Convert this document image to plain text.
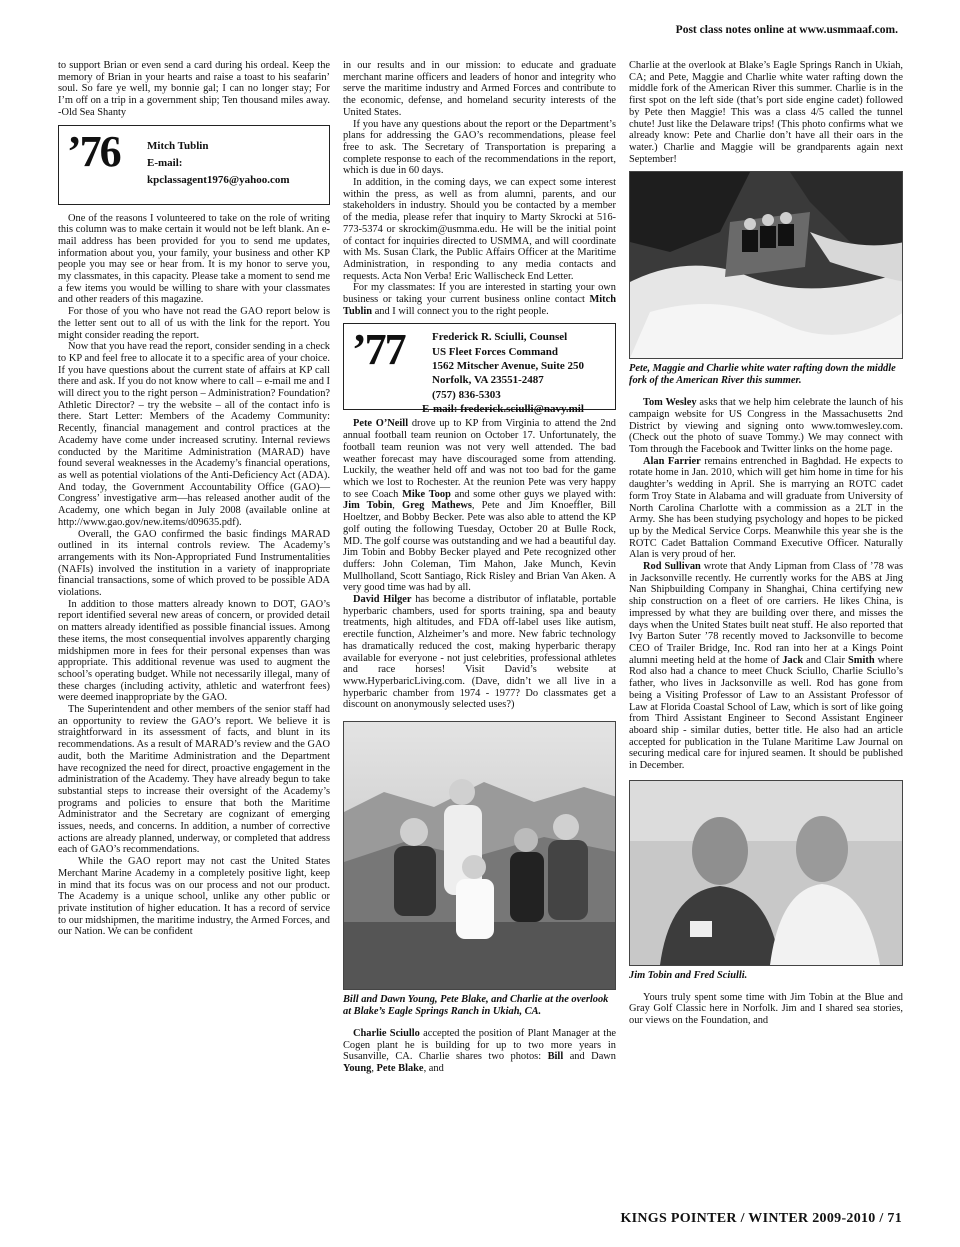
Post class notes online at www.usmmaaf.com.

to support Brian or even send a card during his ordeal. Keep the memory of Brian in your hearts and raise a toast to his seafarin’ soul. So fare ye well, my bonnie gal; I can no longer stay; For I’m off on a trip in a government ship; Ten thousand miles away. -Old Sea Shanty

’76 Mitch Tublin
E-mail:
kpclassagent1976@yahoo.com

One of the reasons I volunteered to take on the role of writing this column was to make certain it would not be left blank. An e-mail address has been provided for you to send me updates, information about you, your family, your business and other KP people you may see or hear from. It is my honor to serve you, my classmates, in this capacity. Please take a moment to send me a few items you would be willing to share with your classmates and other readers of this magazine.

For those of you who have not read the GAO report below is the letter sent out to all of us with the link for the report. You might consider reading the report.

Now that you have read the report, consider sending in a check to KP and feel free to allocate it to a specific area of your choice. If you have questions about the current state of affairs at KP call there and ask. If you do not know where to call – e-mail me and I will direct you to the right person – Administration? Foundation? Athletic Director? – try the website – all of the contact info is there. Start Letter: Members of the Academy Community: Recently, financial management and control practices at the Academy have come under increased scrutiny. Internal reviews conducted by the Maritime Administration (MARAD) have found several weaknesses in the Academy’s financial operations, as well as potential violations of the Anti-Deficiency Act (ADA). And today, the Government Accountability Office (GAO)—Congress’ investigative arm—has released another audit of the Academy, one which began in July 2008 (available online at http://www.gao.gov/new.items/d09635.pdf).

Overall, the GAO confirmed the basic findings MARAD outlined in its internal controls review. The Academy’s arrangements with its Non-Appropriated Fund Instrumentalities (NAFIs) involved the institution in a variety of inappropriate financial transactions, some of which proved to be possible ADA violations.

In addition to those matters already known to DOT, GAO’s report identified several new areas of concern, or provided detail on matters already identified as possible financial issues. Among these items, the most consequential involves apparently charging midshipmen more in fees for their personal expenses than was appropriate. This additional revenue was used to augment the school’s operating budget. While not necessarily illegal, many of these charges (including activity, athletic and waterfront fees) were deemed inappropriate by the GAO.

The Superintendent and other members of the senior staff had an opportunity to review the GAO’s report. We believe it is straightforward in its assessment of facts, and blunt in its recommendations. As a result of MARAD’s review and the GAO audit, both the Maritime Administration and the Department have recognized the need for direct, proactive engagement in the administration of the Academy. They have already begun to take substantial steps to increase their oversight of the Academy’s programs and policies to ensure that both the Maritime Administrator and the Secretary are cognizant of emerging issues, needs, and concerns. In addition, a number of corrective actions are already planned, underway, or completed that address each of GAO’s recommendations.

While the GAO report may not cast the United States Merchant Marine Academy in a completely positive light, keep in mind that its focus was on our process and not our product. The Academy is a unique school, unlike any other public or private institution of higher education. It has a record of service to our midshipmen, the maritime industry, the Armed Forces, and our Nation. We can be confident

in our results and in our mission: to educate and graduate merchant marine officers and leaders of honor and integrity who serve the maritime industry and Armed Forces and contribute to the economic, defense, and homeland security interests of the United States.

If you have any questions about the report or the Department’s plans for addressing the GAO’s recommendations, please feel free to ask. The Secretary of Transportation is preparing a complete response to each of the recommendations in the report, which is due in 60 days.

In addition, in the coming days, we can expect some interest within the press, as well as from alumni, parents, and our stakeholders in industry. Should you be contacted by a member of the media, please refer that inquiry to Marty Skrocki at 516-773-5374 or skrockim@usmma.edu. He will be the initial point of contact for inquiries directed to USMMA, and will coordinate with Ms. Susan Clark, the Public Affairs Officer at the Maritime Administration, in responding to any media contacts and requests. Acta Non Verba! Eric Wallischeck End Letter.

For my classmates: If you are interested in starting your own business or taking your current business online contact Mitch Tublin and I will connect you to the right people.

’77 Frederick R. Sciulli, Counsel
US Fleet Forces Command
1562 Mitscher Avenue, Suite 250
Norfolk, VA 23551-2487
(757) 836-5303
E-mail: frederick.sciulli@navy.mil

Pete O’Neill drove up to KP from Virginia to attend the 2nd annual football team reunion on October 17. Unfortunately, the football team reunion was not very well attended. The bad weather forecast may have discouraged some from attending. Luckily, the weather held off and was not too bad for the game which we lost to Rochester. At the reunion Pete was very happy to see Coach Mike Toop and some other guys we played with: Jim Tobin, Greg Mathews, Pete and Jim Knoeffler, Bill Hoeltzer, and Bobby Becker. Pete was also able to attend the KP golf outing the following Tuesday, October 20 at Bulle Rock, MD. The golf course was outstanding and we had a beautiful day. Jim Tobin and Bobby Becker played and Pete recognized other duffers: John Coleman, Tim Mahon, Jake Munch, Kevin Mullholland, Scott Santiago, Rick Risley and Brian Van Aken. A very good time was had by all.

David Hilger has become a distributor of inflatable, portable hyperbaric chambers, used for sports training, spa and beauty treatments, high altitudes, and FDA off-label uses like autism, erectile function, Alzheimer’s and more. New fabric technology has dramatically reduced the cost, making hyperbaric therapy available for everyone - not just celebrities, professional athletes and race horses! Visit David’s website at www.HyperbaricLiving.com. (Dave, didn’t we all live in a hyperbaric chamber from 1974 - 1977? Do classmates get a discount on anonymously selected uses?)

Bill and Dawn Young, Pete Blake, and Charlie at the overlook at Blake’s Eagle Springs Ranch in Ukiah, CA.

Charlie Sciullo accepted the position of Plant Manager at the Cogen plant he is building for up to two more years in Susanville, CA. Charlie shares two photos: Bill and Dawn Young, Pete Blake, and

Charlie at the overlook at Blake’s Eagle Springs Ranch in Ukiah, CA; and Pete, Maggie and Charlie white water rafting down the middle fork of the American River this summer. Charlie is in the first spot on the left side (that’s port side engine cadet) followed by Pete then Maggie! This was a class 4/5 called the tunnel chute! Just like the Delaware trips! (This photo confirms what we already know: Pete and Charlie don’t have all their oars in the water.) Charlie and Maggie will be grandparents again next September!

Pete, Maggie and Charlie white water rafting down the middle fork of the American River this summer.

Tom Wesley asks that we help him celebrate the launch of his campaign website for US Congress in the Massachusetts 2nd District by viewing and signing onto www.tomwesley.com. (Check out the photo of suave Tommy.) We may connect with Tom through the Facebook and Twitter links on the home page.

Alan Farrier remains entrenched in Baghdad. He expects to rotate home in Jan. 2010, which will get him home in time for his daughter’s wedding in April. She is marrying an ROTC cadet form Troy State in Alabama and will graduate from University of North Carolina Charlotte with a commission as a 2LT in the Army. She has been studying psychology and hopes to be picked up by the Medical Service Corps. Meanwhile this year she is the ROTC Cadet Battalion Command Executive Officer. Naturally Alan is very proud of her.

Rod Sullivan wrote that Andy Lipman from Class of ’78 was in Jacksonville recently. He currently works for the ABS at Jing Nan Shipbuilding Company in Shanghai, China certifying new ship construction on a fleet of ore carriers. He likes China, is impressed by what they are building over there, and misses the days when the United States built neat stuff. He also reported that Ivy Barton Suter ’78 recently moved to Jacksonville to become CEO of Trailer Bridge, Inc. Rod ran into her at a Kings Point alumni meeting held at the home of Jack and Clair Smith where Rod also had a chance to meet Chuck Sciullo, Charlie Sciullo’s father, who lives in Jacksonville as well. Rod has gone from being a Visiting Professor of Law to an Assistant Professor of Law at Florida Coastal School of Law, which is sort of like going from Third Assistant Engineer to Second Assistant Engineer aboard ship - similar duties, better title. He also had an article accepted for publication in the Tulane Maritime Law Journal on securing medical care for injured seamen. It should be published in December.

Jim Tobin and Fred Sciulli.

Yours truly spent some time with Jim Tobin at the Blue and Gray Golf Classic here in Norfolk. Jim and I shared sea stories, our views on the Foundation, and

KINGS POINTER / WINTER 2009-2010 / 71
